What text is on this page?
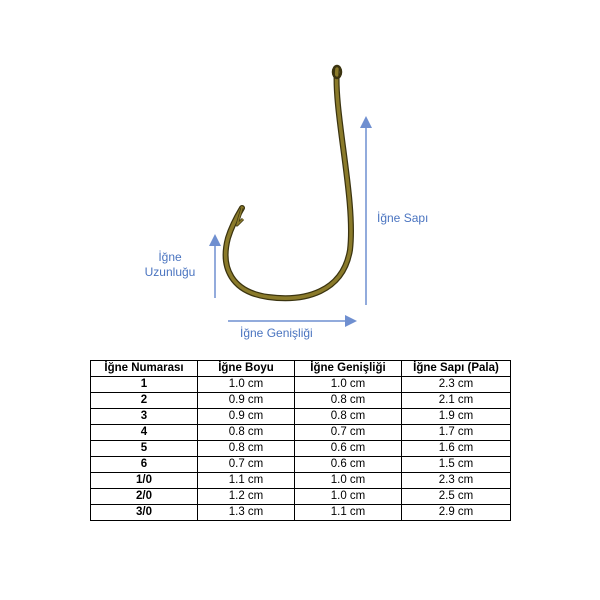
İğne
Uzunluğu
İğne Genişliği
İğne Sapı
İğne Numarası	İğne Boyu	İğne Genişliği	İğne Sapı (Pala)
1	1.0 cm	1.0 cm	2.3 cm
2	0.9 cm	0.8 cm	2.1 cm
3	0.9 cm	0.8 cm	1.9 cm
4	0.8 cm	0.7 cm	1.7 cm
5	0.8 cm	0.6 cm	1.6 cm
6	0.7 cm	0.6 cm	1.5 cm
1/0	1.1 cm	1.0 cm	2.3 cm
2/0	1.2 cm	1.0 cm	2.5 cm
3/0	1.3 cm	1.1 cm	2.9 cm
